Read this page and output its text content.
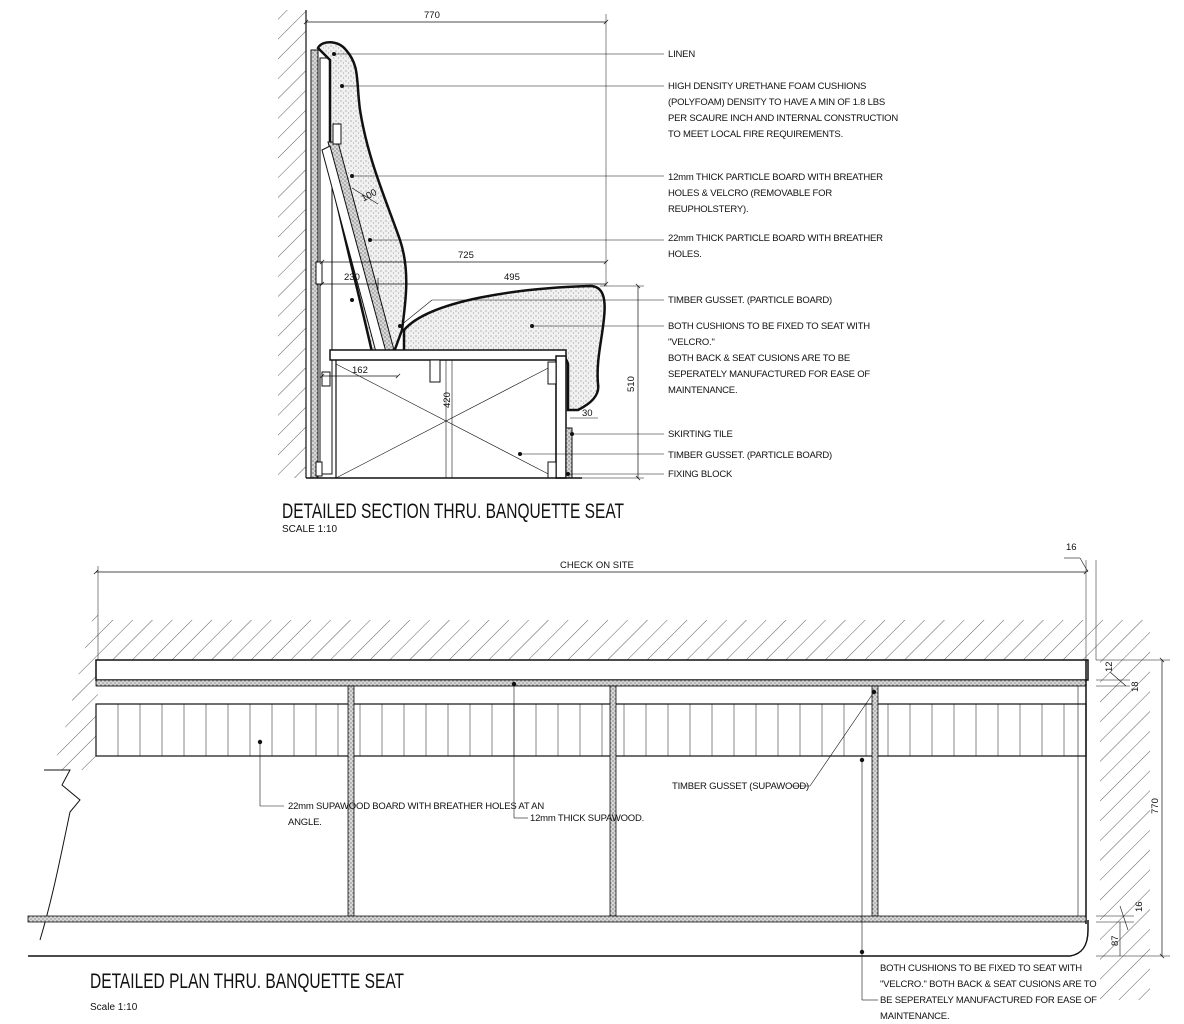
770
725
495
230
100
162
420
510
30
LINEN
HIGH DENSITY URETHANE FOAM CUSHIONS
(POLYFOAM) DENSITY TO HAVE A MIN OF 1.8 LBS
PER SCAURE INCH AND INTERNAL CONSTRUCTION
TO MEET LOCAL FIRE REQUIREMENTS.
12mm THICK PARTICLE BOARD WITH BREATHER
HOLES & VELCRO (REMOVABLE FOR
REUPHOLSTERY).
22mm THICK PARTICLE BOARD WITH BREATHER
HOLES.
TIMBER GUSSET. (PARTICLE BOARD)
BOTH CUSHIONS TO BE FIXED TO SEAT WITH
"VELCRO."
BOTH BACK & SEAT CUSIONS ARE TO BE
SEPERATELY MANUFACTURED FOR EASE OF
MAINTENANCE.
SKIRTING TILE
TIMBER GUSSET. (PARTICLE BOARD)
FIXING BLOCK
DETAILED SECTION THRU. BANQUETTE SEAT
SCALE 1:10
CHECK ON SITE
16
770
12
18
16
87
22mm SUPAWOOD BOARD WITH BREATHER HOLES AT AN
ANGLE.	12mm THICK SUPAWOOD.
TIMBER GUSSET (SUPAWOOD)
BOTH CUSHIONS TO BE FIXED TO SEAT WITH
"VELCRO." BOTH BACK & SEAT CUSIONS ARE TO
BE SEPERATELY MANUFACTURED FOR EASE OF
MAINTENANCE.
DETAILED PLAN THRU. BANQUETTE SEAT
Scale 1:10
